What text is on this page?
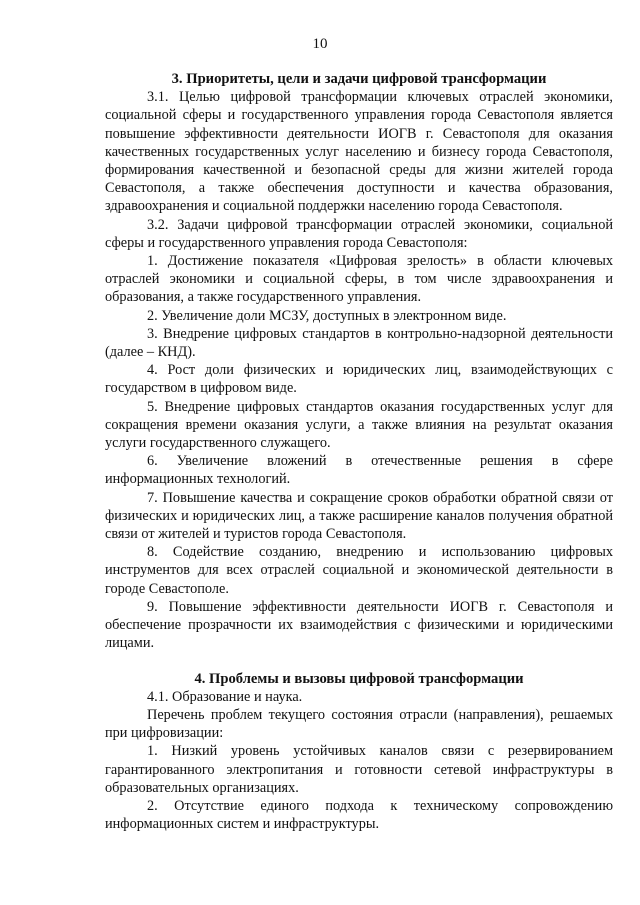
10
3. Приоритеты, цели и задачи цифровой трансформации

3.1. Целью цифровой трансформации ключевых отраслей экономики, социальной сферы и государственного управления города Севастополя является повышение эффективности деятельности ИОГВ г. Севастополя для оказания качественных государственных услуг населению и бизнесу города Севастополя, формирования качественной и безопасной среды для жизни жителей города Севастополя, а также обеспечения доступности и качества образования, здравоохранения и социальной поддержки населению города Севастополя.

3.2. Задачи цифровой трансформации отраслей экономики, социальной сферы и государственного управления города Севастополя:

1. Достижение показателя «Цифровая зрелость» в области ключевых отраслей экономики и социальной сферы, в том числе здравоохранения и образования, а также государственного управления.

2. Увеличение доли МСЗУ, доступных в электронном виде.

3. Внедрение цифровых стандартов в контрольно-надзорной деятельности (далее – КНД).

4. Рост доли физических и юридических лиц, взаимодействующих с государством в цифровом виде.

5. Внедрение цифровых стандартов оказания государственных услуг для сокращения времени оказания услуги, а также влияния на результат оказания услуги государственного служащего.

6. Увеличение вложений в отечественные решения в сфере информационных технологий.

7. Повышение качества и сокращение сроков обработки обратной связи от физических и юридических лиц, а также расширение каналов получения обратной связи от жителей и туристов города Севастополя.

8. Содействие созданию, внедрению и использованию цифровых инструментов для всех отраслей социальной и экономической деятельности в городе Севастополе.

9. Повышение эффективности деятельности ИОГВ г. Севастополя и обеспечение прозрачности их взаимодействия с физическими и юридическими лицами.

4. Проблемы и вызовы цифровой трансформации

4.1. Образование и наука.

Перечень проблем текущего состояния отрасли (направления), решаемых при цифровизации:

1. Низкий уровень устойчивых каналов связи с резервированием гарантированного электропитания и готовности сетевой инфраструктуры в образовательных организациях.

2. Отсутствие единого подхода к техническому сопровождению информационных систем и инфраструктуры.
